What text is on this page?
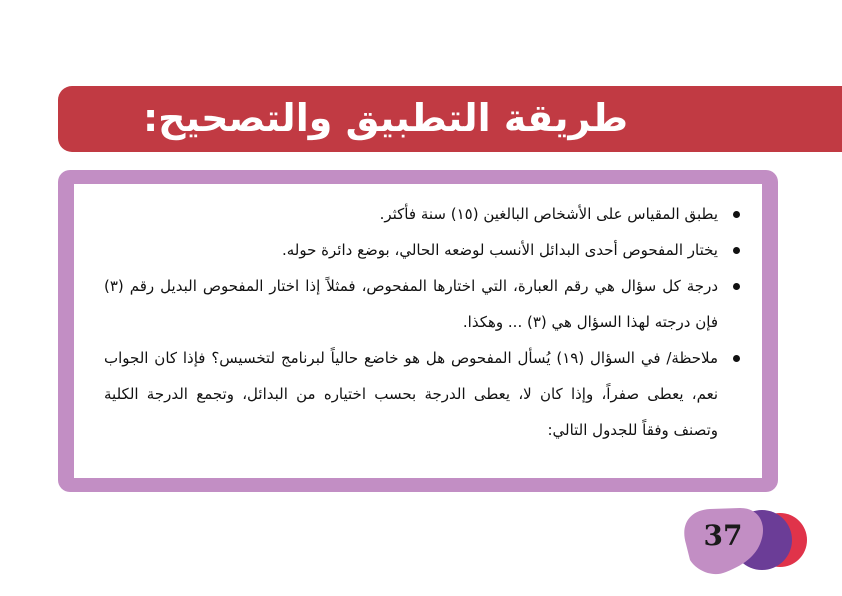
طريقة التطبيق والتصحيح:
يطبق المقياس على الأشخاص البالغين (١٥) سنة فأكثر.
يختار المفحوص أحدى البدائل الأنسب لوضعه الحالي، بوضع دائرة حوله.
درجة كل سؤال هي رقم العبارة، التي اختارها المفحوص، فمثلاً إذا اختار المفحوص البديل رقم (٣) فإن درجته لهذا السؤال هي (٣) ... وهكذا.
ملاحظة/ في السؤال (١٩) يُسأل المفحوص هل هو خاضع حالياً لبرنامج لتخسيس؟ فإذا كان الجواب نعم، يعطى صفراً، وإذا كان لا، يعطى الدرجة بحسب اختياره من البدائل، وتجمع الدرجة الكلية وتصنف وفقاً للجدول التالي:
37
